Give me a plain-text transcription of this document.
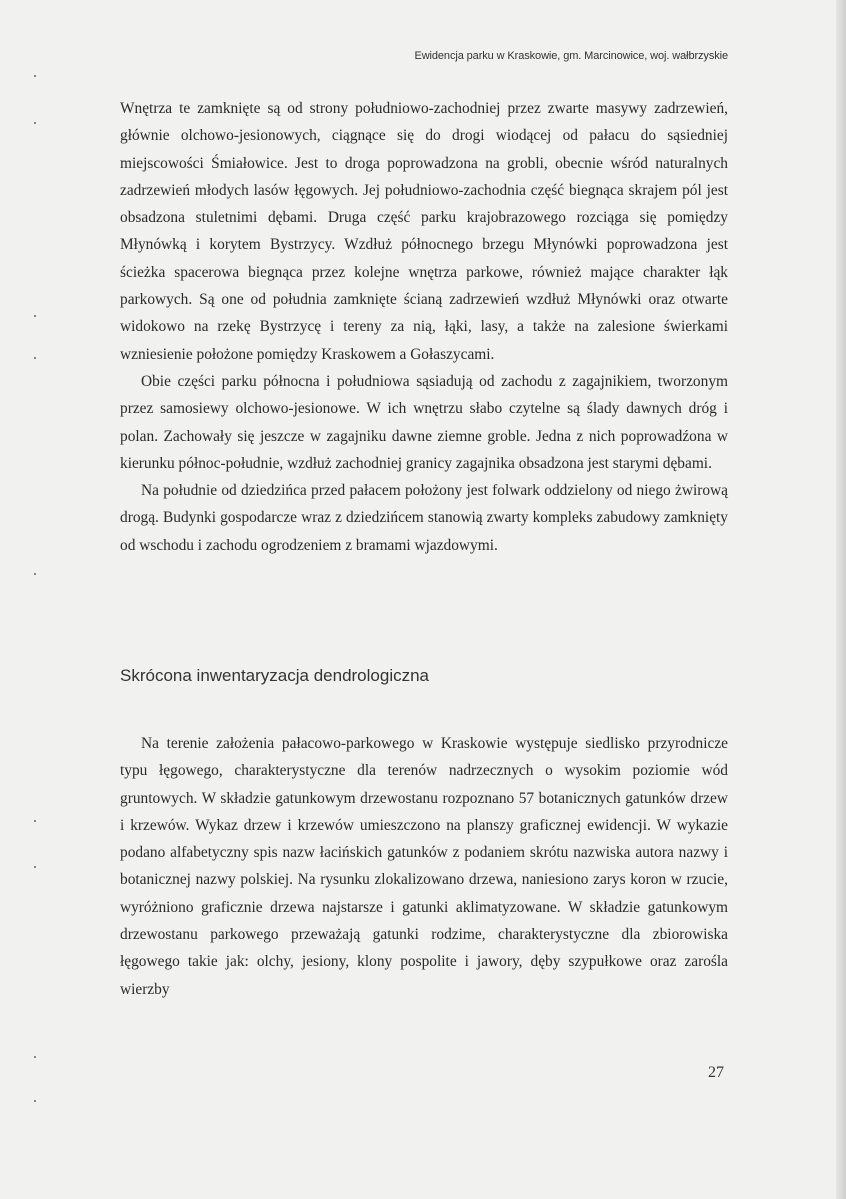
Ewidencja parku w Kraskowie, gm. Marcinowice, woj. wałbrzyskie

Wnętrza te zamknięte są od strony południowo-zachodniej przez zwarte masywy zadrzewień, głównie olchowo-jesionowych, ciągnące się do drogi wiodącej od pałacu do sąsiedniej miejscowości Śmiałowice. Jest to droga poprowadzona na grobli, obecnie wśród naturalnych zadrzewień młodych lasów łęgowych. Jej południowo-zachodnia część biegnąca skrajem pól jest obsadzona stuletnimi dębami. Druga część parku krajobrazowego rozciąga się pomiędzy Młynówką i korytem Bystrzycy. Wzdłuż północnego brzegu Młynówki poprowadzona jest ścieżka spacerowa biegnąca przez kolejne wnętrza parkowe, również mające charakter łąk parkowych. Są one od południa zamknięte ścianą zadrzewień wzdłuż Młynówki oraz otwarte widokowo na rzekę Bystrzycę i tereny za nią, łąki, lasy, a także na zalesione świerkami wzniesienie położone pomiędzy Kraskowem a Gołaszycami.

Obie części parku północna i południowa sąsiadują od zachodu z zagajnikiem, tworzonym przez samosiewy olchowo-jesionowe. W ich wnętrzu słabo czytelne są ślady dawnych dróg i polan. Zachowały się jeszcze w zagajniku dawne ziemne groble. Jedna z nich poprowadźona w kierunku północ-południe, wzdłuż zachodniej granicy zagajnika obsadzona jest starymi dębami.

Na południe od dziedzińca przed pałacem położony jest folwark oddzielony od niego żwirową drogą. Budynki gospodarcze wraz z dziedzińcem stanowią zwarty kompleks zabudowy zamknięty od wschodu i zachodu ogrodzeniem z bramami wjazdowymi.

Skrócona inwentaryzacja dendrologiczna

Na terenie założenia pałacowo-parkowego w Kraskowie występuje siedlisko przyrodnicze typu łęgowego, charakterystyczne dla terenów nadrzecznych o wysokim poziomie wód gruntowych. W składzie gatunkowym drzewostanu rozpoznano 57 botanicznych gatunków drzew i krzewów. Wykaz drzew i krzewów umieszczono na planszy graficznej ewidencji. W wykazie podano alfabetyczny spis nazw łacińskich gatunków z podaniem skrótu nazwiska autora nazwy i botanicznej nazwy polskiej. Na rysunku zlokalizowano drzewa, naniesiono zarys koron w rzucie, wyróżniono graficznie drzewa najstarsze i gatunki aklimatyzowane. W składzie gatunkowym drzewostanu parkowego przeważają gatunki rodzime, charakterystyczne dla zbiorowiska łęgowego takie jak: olchy, jesiony, klony pospolite i jawory, dęby szypułkowe oraz zarośla wierzby

27
